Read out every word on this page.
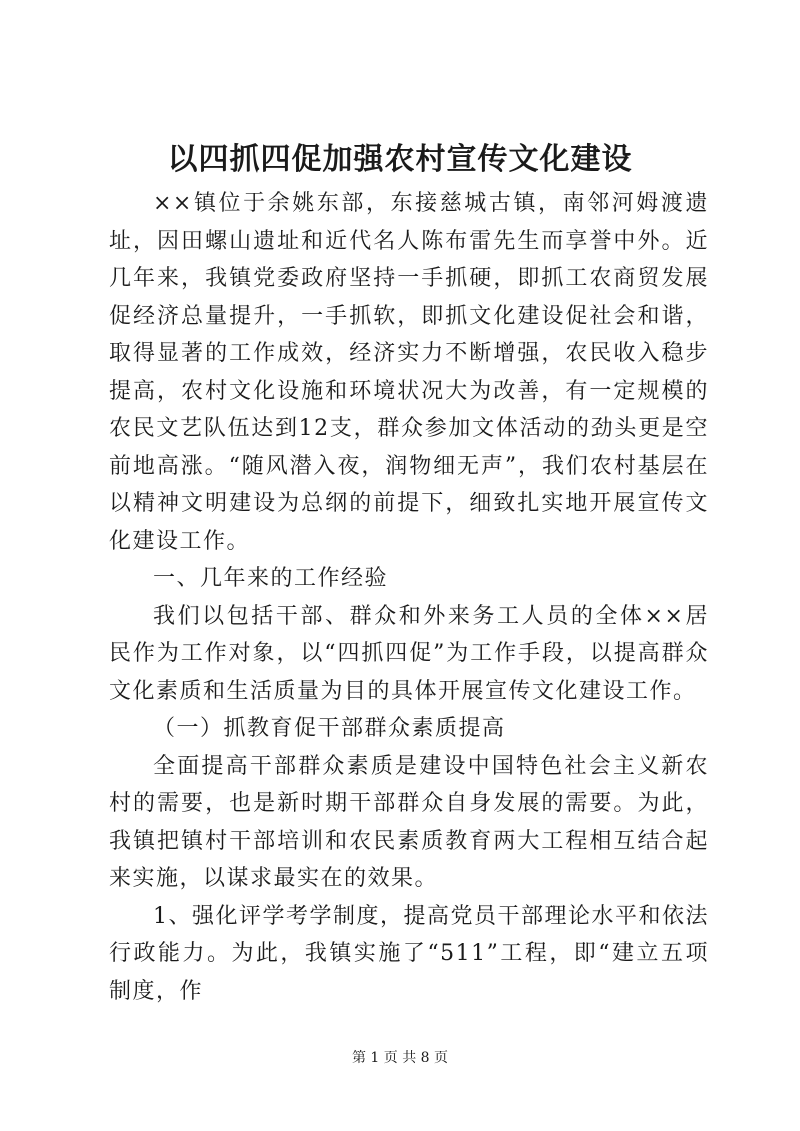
以四抓四促加强农村宣传文化建设

××镇位于余姚东部，东接慈城古镇，南邻河姆渡遗址，因田螺山遗址和近代名人陈布雷先生而享誉中外。近几年来，我镇党委政府坚持一手抓硬，即抓工农商贸发展促经济总量提升，一手抓软，即抓文化建设促社会和谐，取得显著的工作成效，经济实力不断增强，农民收入稳步提高，农村文化设施和环境状况大为改善，有一定规模的农民文艺队伍达到12支，群众参加文体活动的劲头更是空前地高涨。“随风潜入夜，润物细无声”，我们农村基层在以精神文明建设为总纲的前提下，细致扎实地开展宣传文化建设工作。

一、几年来的工作经验

我们以包括干部、群众和外来务工人员的全体××居民作为工作对象，以“四抓四促”为工作手段，以提高群众文化素质和生活质量为目的具体开展宣传文化建设工作。

（一）抓教育促干部群众素质提高

全面提高干部群众素质是建设中国特色社会主义新农村的需要，也是新时期干部群众自身发展的需要。为此，我镇把镇村干部培训和农民素质教育两大工程相互结合起来实施，以谋求最实在的效果。

1、强化评学考学制度，提高党员干部理论水平和依法行政能力。为此，我镇实施了“511”工程，即“建立五项制度，作

第 1 页 共 8 页
